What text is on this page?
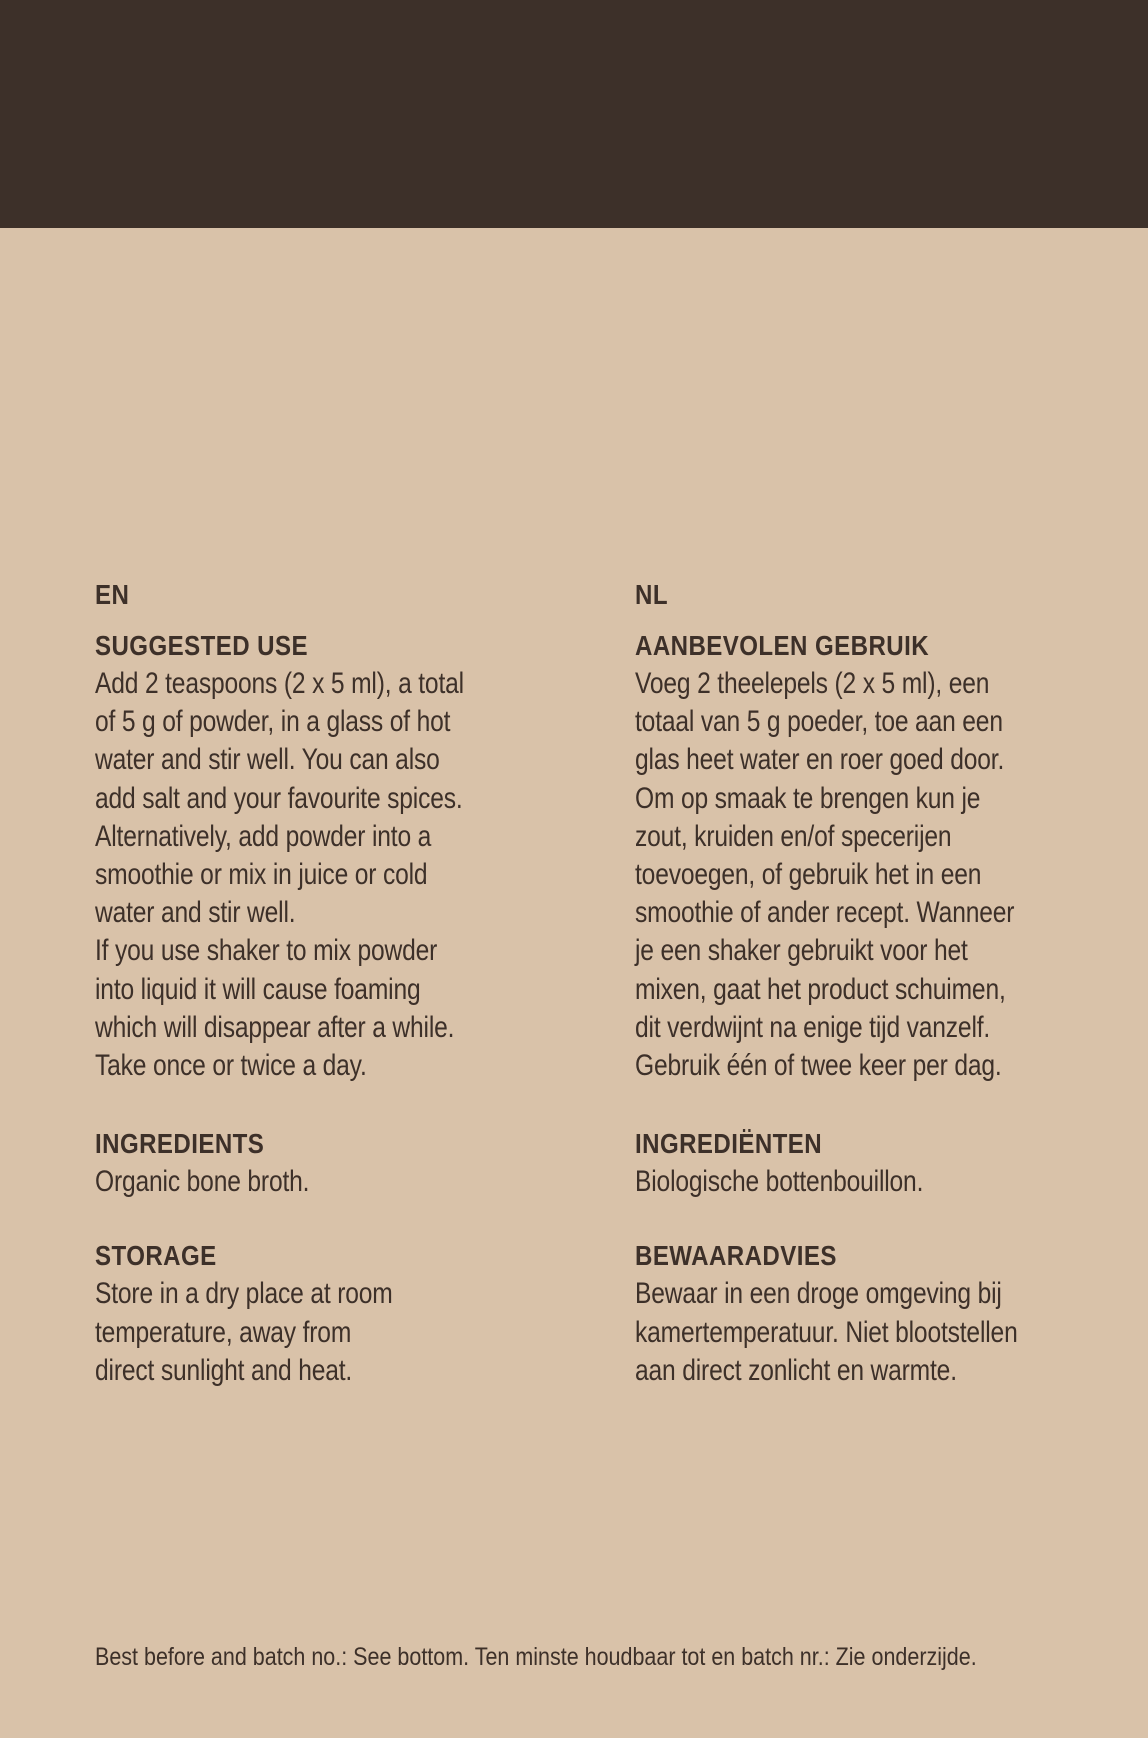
EN
SUGGESTED USE
Add 2 teaspoons (2 x 5 ml), a total
of 5 g of powder, in a glass of hot
water and stir well. You can also
add salt and your favourite spices.
Alternatively, add powder into a
smoothie or mix in juice or cold
water and stir well.
If you use shaker to mix powder
into liquid it will cause foaming
which will disappear after a while.
Take once or twice a day.
INGREDIENTS
Organic bone broth.
STORAGE
Store in a dry place at room
temperature, away from
direct sunlight and heat.
NL
AANBEVOLEN GEBRUIK
Voeg 2 theelepels (2 x 5 ml), een
totaal van 5 g poeder, toe aan een
glas heet water en roer goed door.
Om op smaak te brengen kun je
zout, kruiden en/of specerijen
toevoegen, of gebruik het in een
smoothie of ander recept. Wanneer
je een shaker gebruikt voor het
mixen, gaat het product schuimen,
dit verdwijnt na enige tijd vanzelf.
Gebruik één of twee keer per dag.
INGREDIËNTEN
Biologische bottenbouillon.
BEWAARADVIES
Bewaar in een droge omgeving bij
kamertemperatuur. Niet blootstellen
aan direct zonlicht en warmte.
Best before and batch no.: See bottom. Ten minste houdbaar tot en batch nr.: Zie onderzijde.
